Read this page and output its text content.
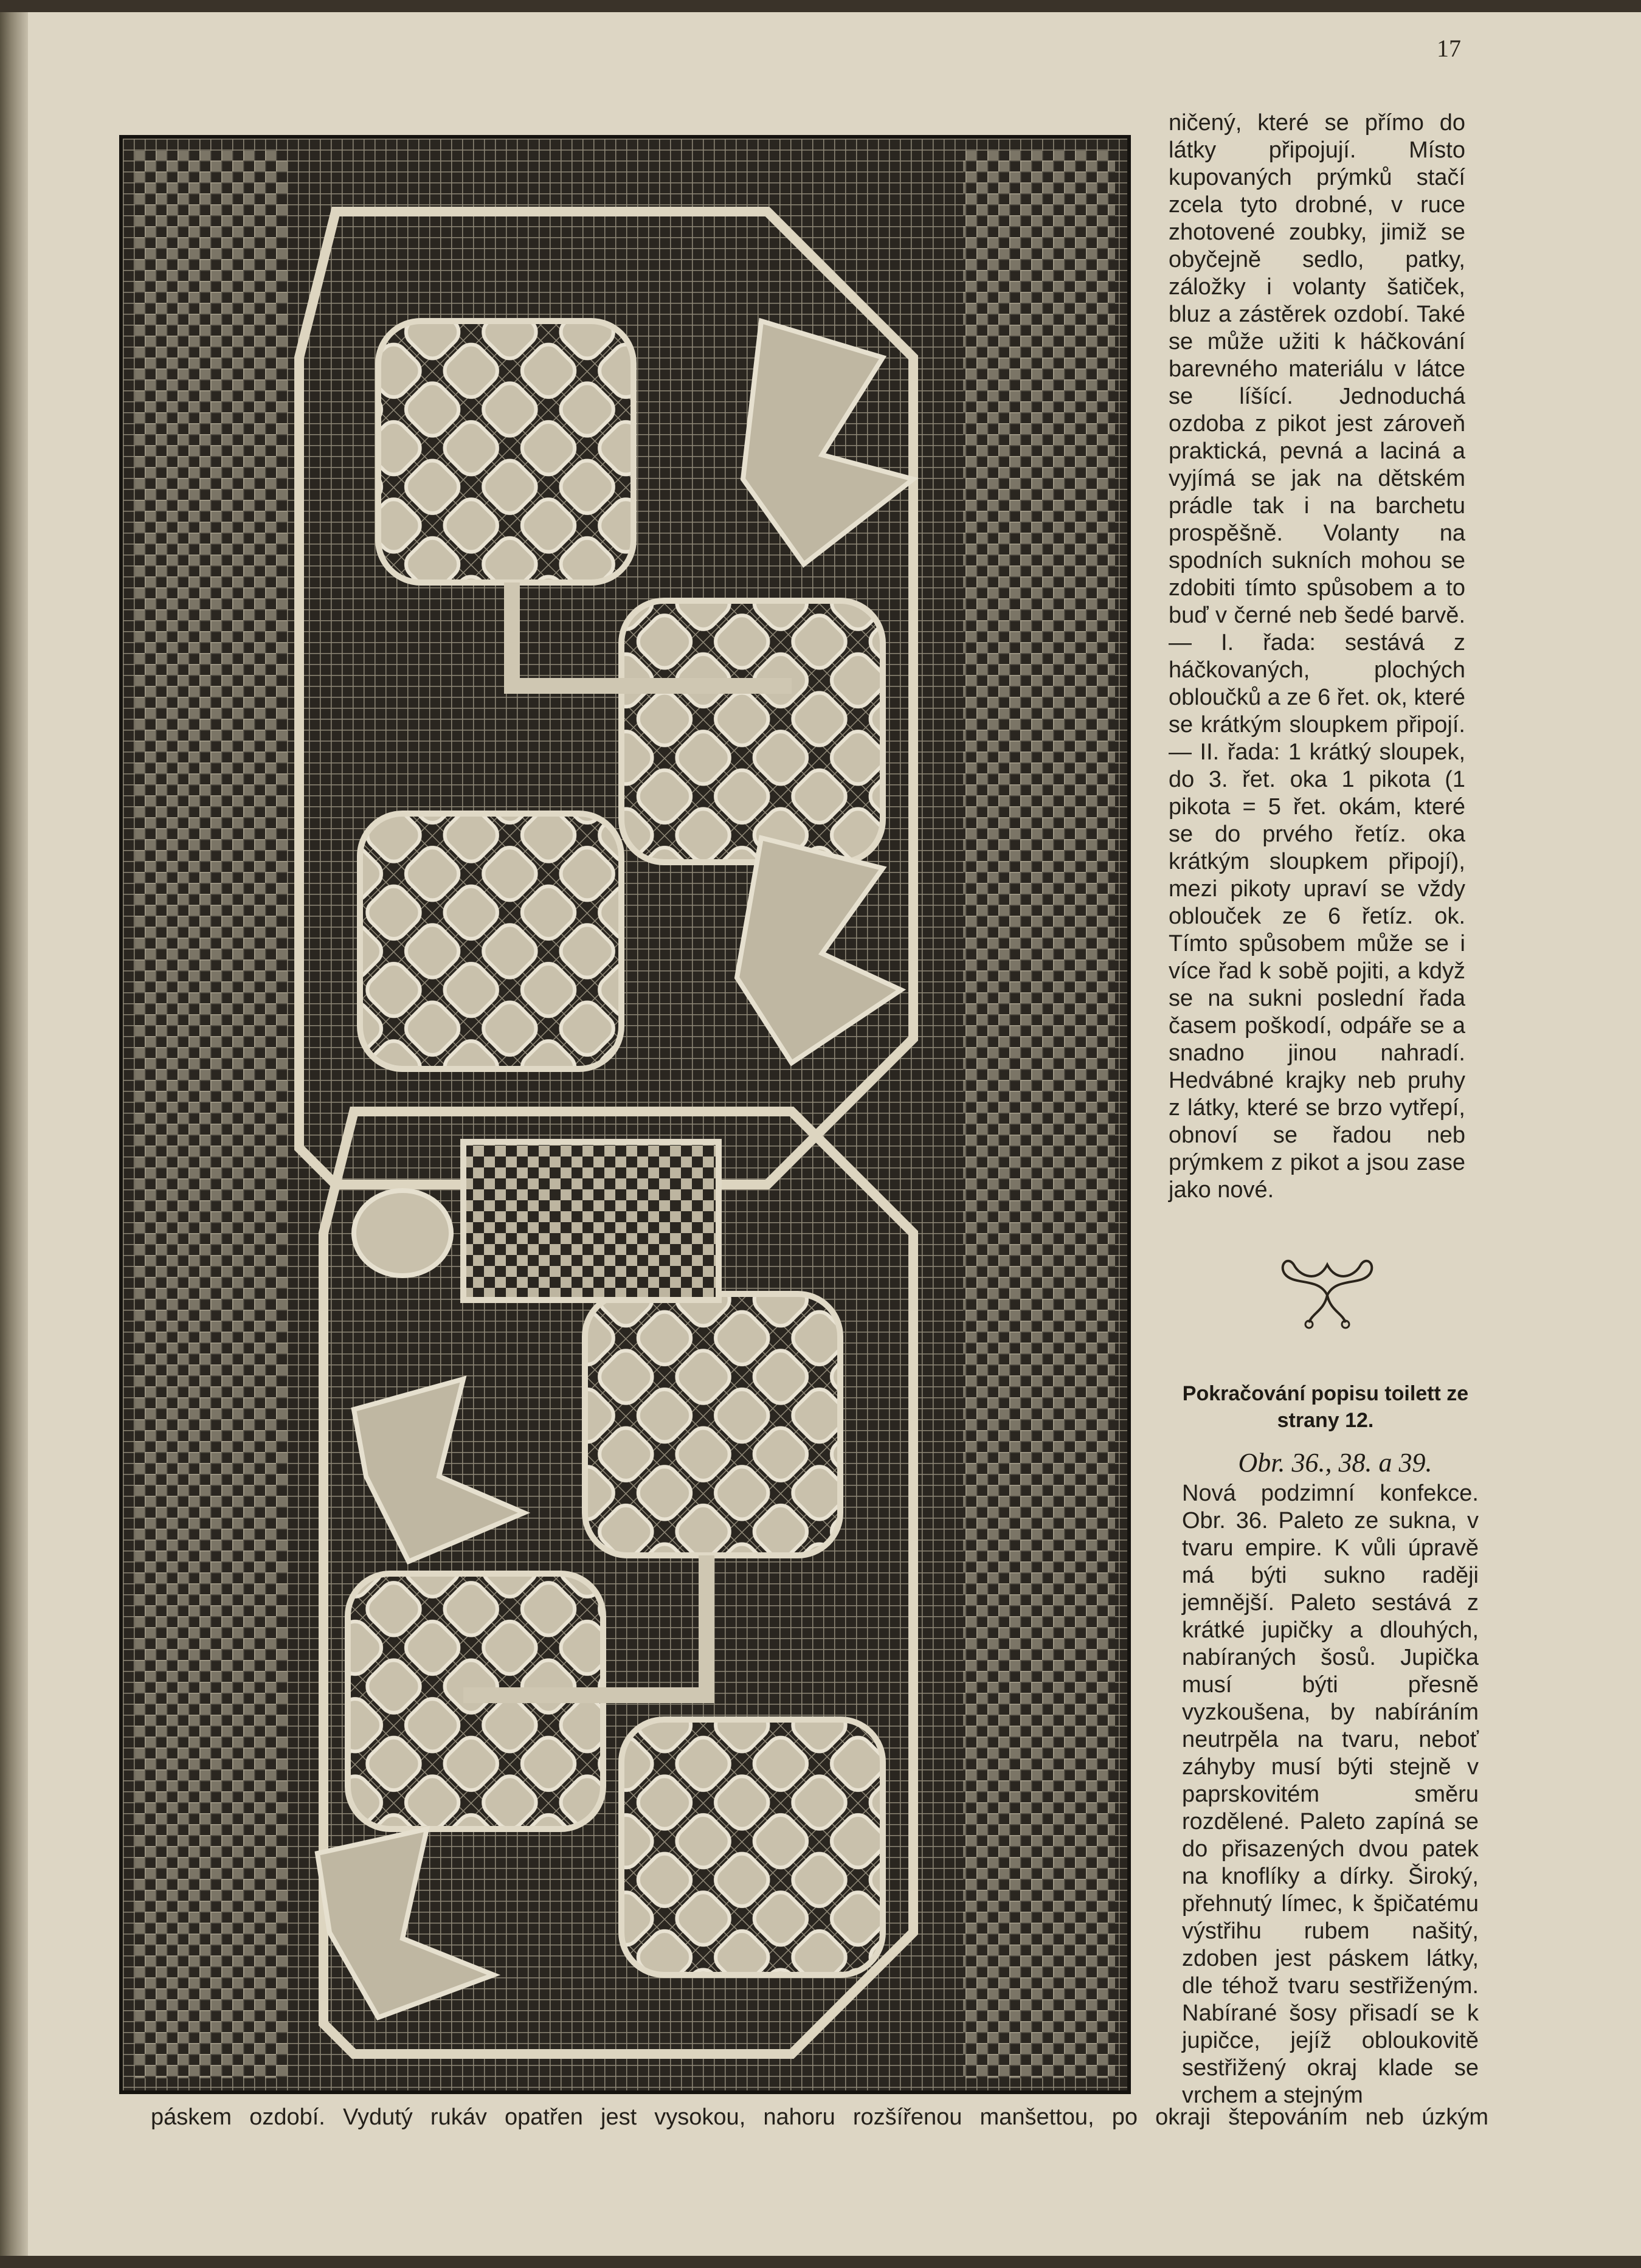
17
ničený, které se přímo do látky připojují. Místo kupovaných prýmků stačí zcela tyto drobné, v ruce zhotovené zoubky, jimiž se obyčejně sedlo, patky, záložky i volanty šatiček, bluz a zástěrek ozdobí. Také se může užiti k háčkování barevného materiálu v látce se líšící. Jednoduchá ozdoba z pikot jest zároveň praktická, pevná a laciná a vyjímá se jak na dětském prádle tak i na barchetu prospěšně. Volanty na spodních sukních mohou se zdobiti tímto spůsobem a to buď v černé neb šedé barvě. — I. řada: sestává z háčkovaných, plochých obloučků a ze 6 řet. ok, které se krátkým sloupkem připojí. — II. řada: 1 krátký sloupek, do 3. řet. oka 1 pikota (1 pikota = 5 řet. okám, které se do prvého řetíz. oka krátkým sloupkem připojí), mezi pikoty upraví se vždy oblouček ze 6 řetíz. ok. Tímto spůsobem může se i více řad k sobě pojiti, a když se na sukni poslední řada časem poškodí, odpáře se a snadno jinou nahradí. Hedvábné krajky neb pruhy z látky, které se brzo vytřepí, obnoví se řadou neb prýmkem z pikot a jsou zase jako nové.
Pokračování popisu toilett ze strany 12.
Obr. 36., 38. a 39.
Nová podzimní konfekce. Obr. 36. Paleto ze sukna, v tvaru empire. K vůli úpravě má býti sukno raději jemnější. Paleto sestává z krátké jupičky a dlouhých, nabíraných šosů. Jupička musí býti přesně vyzkoušena, by nabíráním neutrpěla na tvaru, neboť záhyby musí býti stejně v paprskovitém směru rozdělené. Paleto zapíná se do přisazených dvou patek na knoflíky a dírky. Široký, přehnutý límec, k špičatému výstřihu rubem našitý, zdoben jest páskem látky, dle téhož tvaru sestřiženým. Nabírané šosy přisadí se k jupičce, jejíž obloukovitě sestřižený okraj klade se vrchem a stejným
páskem ozdobí. Vydutý rukáv opatřen jest vysokou, nahoru rozšířenou manšettou, po okraji štepováním neb úzkým
